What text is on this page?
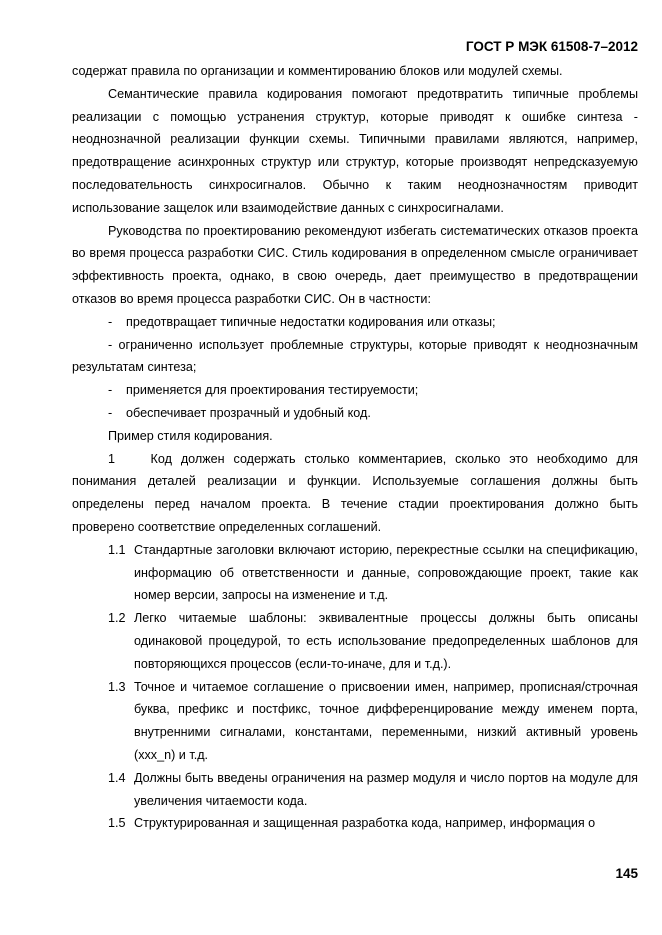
ГОСТ Р МЭК 61508-7–2012

содержат правила по организации и комментированию блоков или модулей схемы.

Семантические правила кодирования помогают предотвратить типичные проблемы реализации с помощью устранения структур, которые приводят к ошибке синтеза - неоднозначной реализации функции схемы. Типичными правилами являются, например, предотвращение асинхронных структур или структур, которые производят непредсказуемую последовательность синхросигналов. Обычно к таким неоднозначностям приводит использование защелок или взаимодействие данных с синхросигналами.

Руководства по проектированию рекомендуют избегать систематических отказов проекта во время процесса разработки СИС. Стиль кодирования в определенном смысле ограничивает эффективность проекта, однако, в свою очередь, дает преимущество в предотвращении отказов во время процесса разработки СИС. Он в частности:

- предотвращает типичные недостатки кодирования или отказы;

- ограниченно использует проблемные структуры, которые приводят к неоднозначным результатам синтеза;

- применяется для проектирования тестируемости;

- обеспечивает прозрачный и удобный код.

Пример стиля кодирования.

1	Код должен содержать столько комментариев, сколько это необходимо для понимания деталей реализации и функции. Используемые соглашения должны быть определены перед началом проекта. В течение стадии проектирования должно быть проверено соответствие определенных соглашений.

1.1 Стандартные заголовки включают историю, перекрестные ссылки на спецификацию, информацию об ответственности и данные, сопровождающие проект, такие как номер версии, запросы на изменение и т.д.

1.2 Легко читаемые шаблоны: эквивалентные процессы должны быть описаны одинаковой процедурой, то есть использование предопределенных шаблонов для повторяющихся процессов (если-то-иначе, для и т.д.).

1.3 Точное и читаемое соглашение о присвоении имен, например, прописная/строчная буква, префикс и постфикс, точное дифференцирование между именем порта, внутренними сигналами, константами, переменными, низкий активный уровень (xxx_n) и т.д.

1.4 Должны быть введены ограничения на размер модуля и число портов на модуле для увеличения читаемости кода.

1.5 Структурированная и защищенная разработка кода, например, информация о

145
